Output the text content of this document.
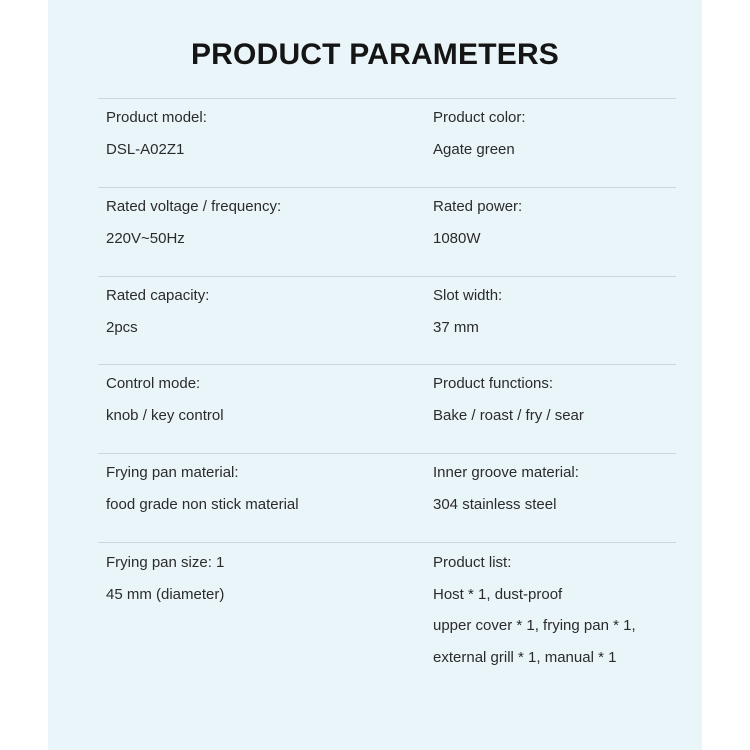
PRODUCT PARAMETERS
Product model:
DSL-A02Z1
Product color:
Agate green
Rated voltage / frequency:
220V~50Hz
Rated power:
1080W
Rated capacity:
2pcs
Slot width:
37 mm
Control mode:
knob / key control
Product functions:
Bake / roast / fry / sear
Frying pan material:
food grade non stick material
Inner groove material:
304 stainless steel
Frying pan size: 1
45 mm (diameter)
Product list:
Host * 1, dust-proof
upper cover * 1, frying pan * 1,
external grill * 1, manual * 1
